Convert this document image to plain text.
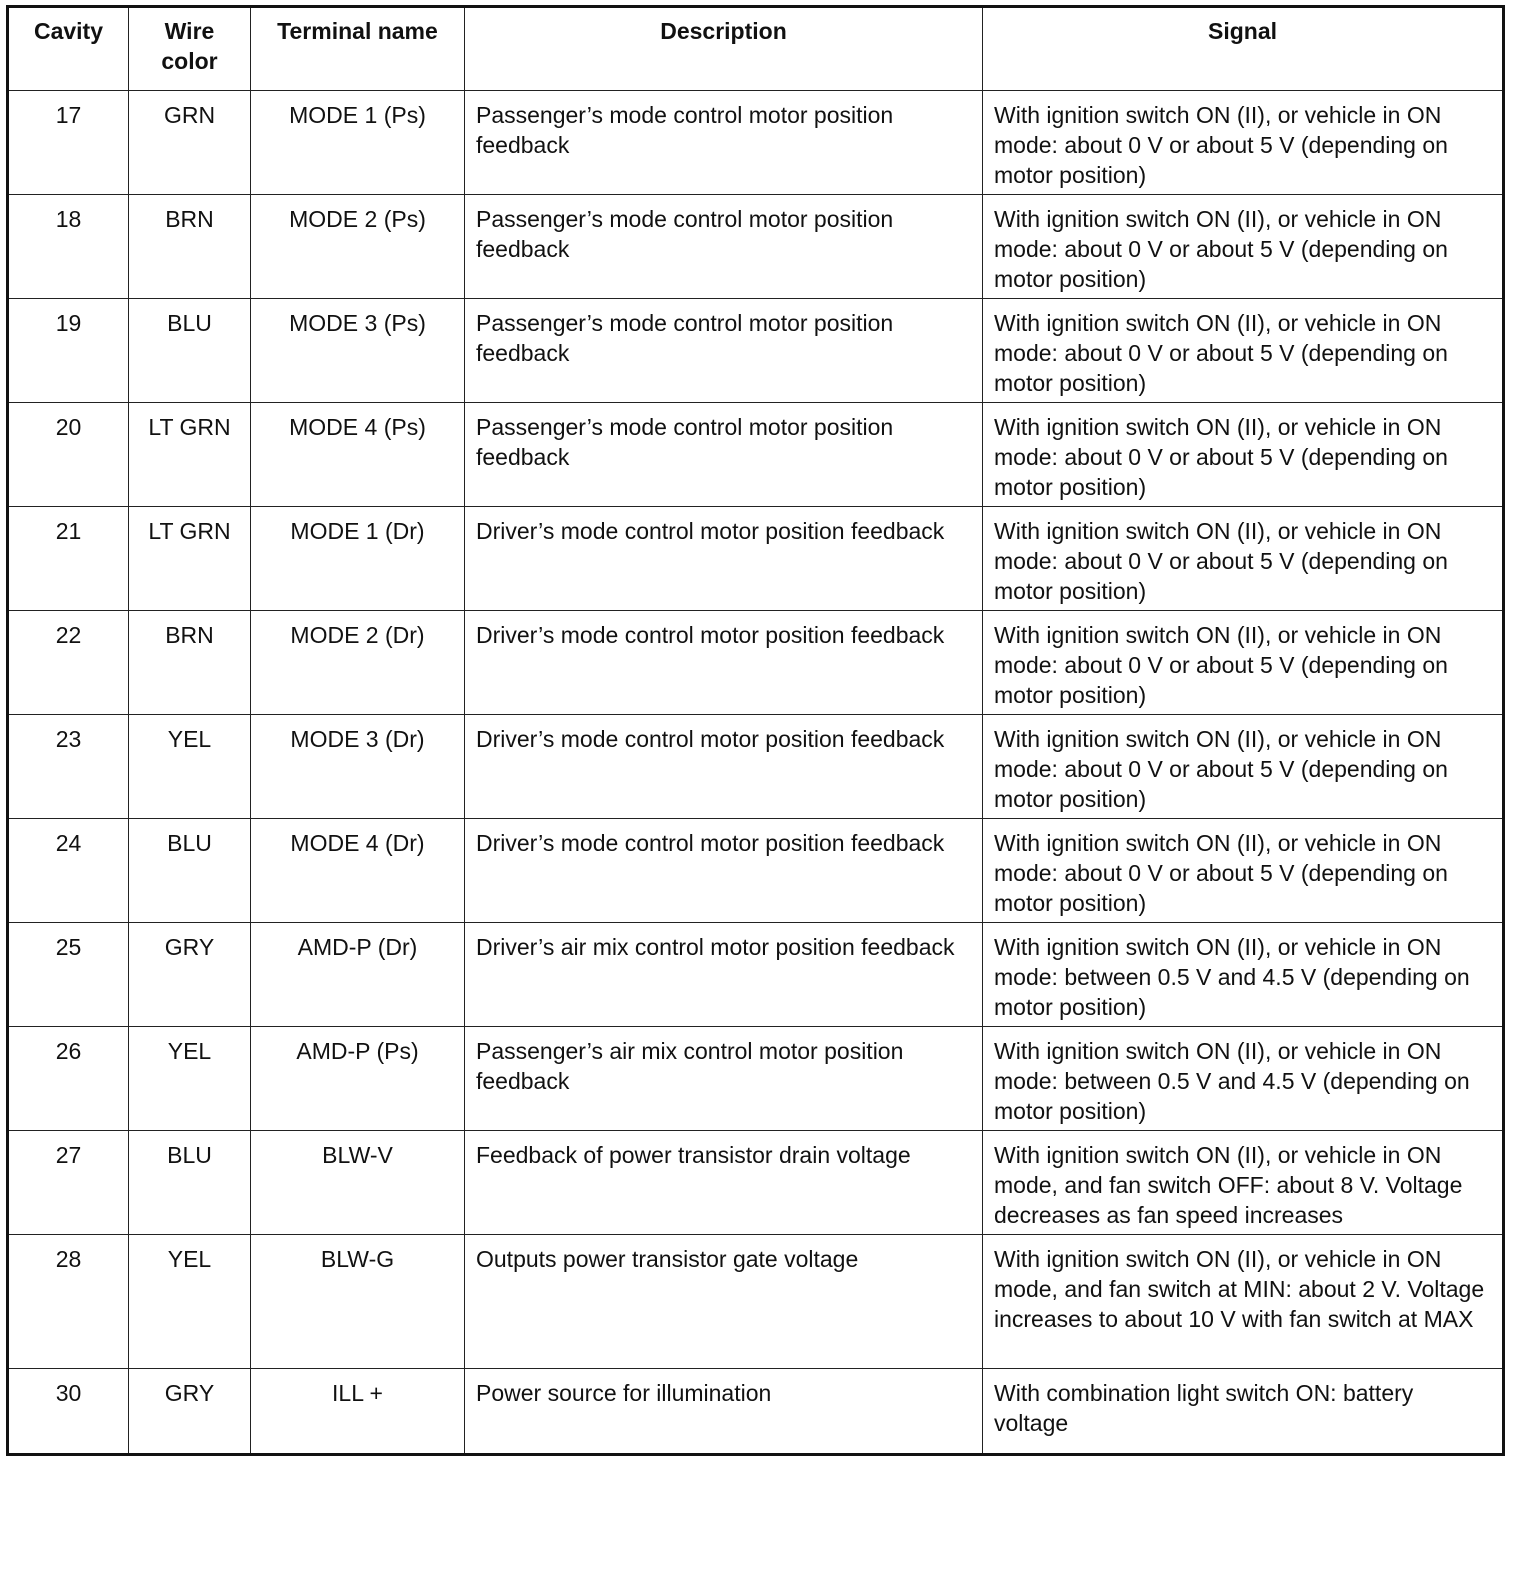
Cavity	Wire color	Terminal name	Description	Signal
17	GRN	MODE 1 (Ps)	Passenger’s mode control motor position feedback	With ignition switch ON (II), or vehicle in ON mode: about 0 V or about 5 V (depending on motor position)
18	BRN	MODE 2 (Ps)	Passenger’s mode control motor position feedback	With ignition switch ON (II), or vehicle in ON mode: about 0 V or about 5 V (depending on motor position)
19	BLU	MODE 3 (Ps)	Passenger’s mode control motor position feedback	With ignition switch ON (II), or vehicle in ON mode: about 0 V or about 5 V (depending on motor position)
20	LT GRN	MODE 4 (Ps)	Passenger’s mode control motor position feedback	With ignition switch ON (II), or vehicle in ON mode: about 0 V or about 5 V (depending on motor position)
21	LT GRN	MODE 1 (Dr)	Driver’s mode control motor position feedback	With ignition switch ON (II), or vehicle in ON mode: about 0 V or about 5 V (depending on motor position)
22	BRN	MODE 2 (Dr)	Driver’s mode control motor position feedback	With ignition switch ON (II), or vehicle in ON mode: about 0 V or about 5 V (depending on motor position)
23	YEL	MODE 3 (Dr)	Driver’s mode control motor position feedback	With ignition switch ON (II), or vehicle in ON mode: about 0 V or about 5 V (depending on motor position)
24	BLU	MODE 4 (Dr)	Driver’s mode control motor position feedback	With ignition switch ON (II), or vehicle in ON mode: about 0 V or about 5 V (depending on motor position)
25	GRY	AMD-P (Dr)	Driver’s air mix control motor position feedback	With ignition switch ON (II), or vehicle in ON mode: between 0.5 V and 4.5 V (depending on motor position)
26	YEL	AMD-P (Ps)	Passenger’s air mix control motor position feedback	With ignition switch ON (II), or vehicle in ON mode: between 0.5 V and 4.5 V (depending on motor position)
27	BLU	BLW-V	Feedback of power transistor drain voltage	With ignition switch ON (II), or vehicle in ON mode, and fan switch OFF: about 8 V. Voltage decreases as fan speed increases
28	YEL	BLW-G	Outputs power transistor gate voltage	With ignition switch ON (II), or vehicle in ON mode, and fan switch at MIN: about 2 V. Voltage increases to about 10 V with fan switch at MAX
30	GRY	ILL +	Power source for illumination	With combination light switch ON: battery voltage
